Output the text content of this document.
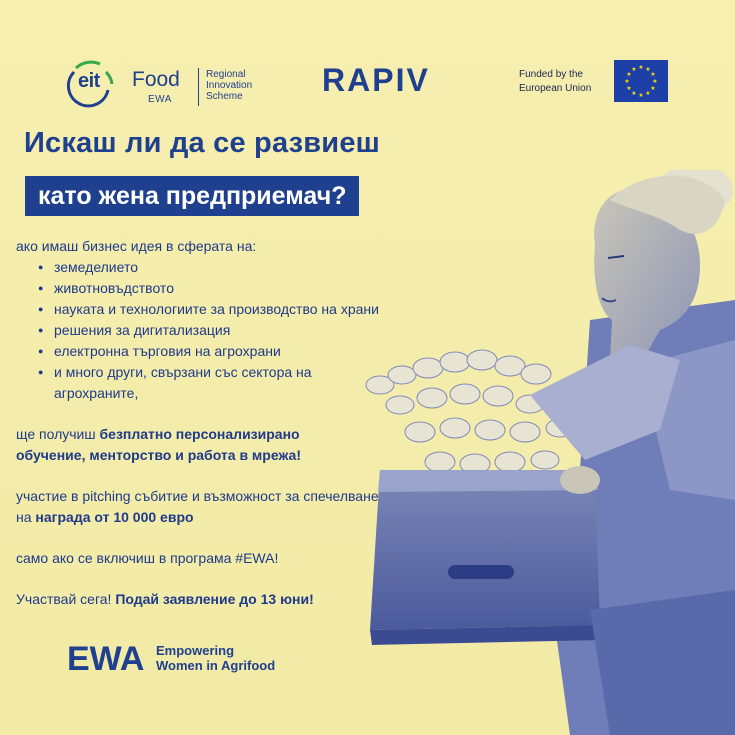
eit Food
EWA
Regional Innovation Scheme	RAPIV	Funded by the European Union
★ ★
★
★
★
★
★
★
★
★
★
★
Искаш ли да се развиеш
като жена предприемач?

ако имаш бизнес идея в сферата на:

● земеделието
● животновъдството
● науката и технологиите за производство на храни
● решения за дигитализация
● електронна търговия на агрохрани
● и много други, свързани със сектора на агрохраните,

ще получиш безплатно персонализирано обучение, менторство и работа в мрежа!

участие в pitching събитие и възможност за спечелване на награда от 10 000 евро

само ако се включиш в програма #EWA!

Участвай сега! Подай заявление до 13 юни!

EWA Empowering
Women in Agrifood
